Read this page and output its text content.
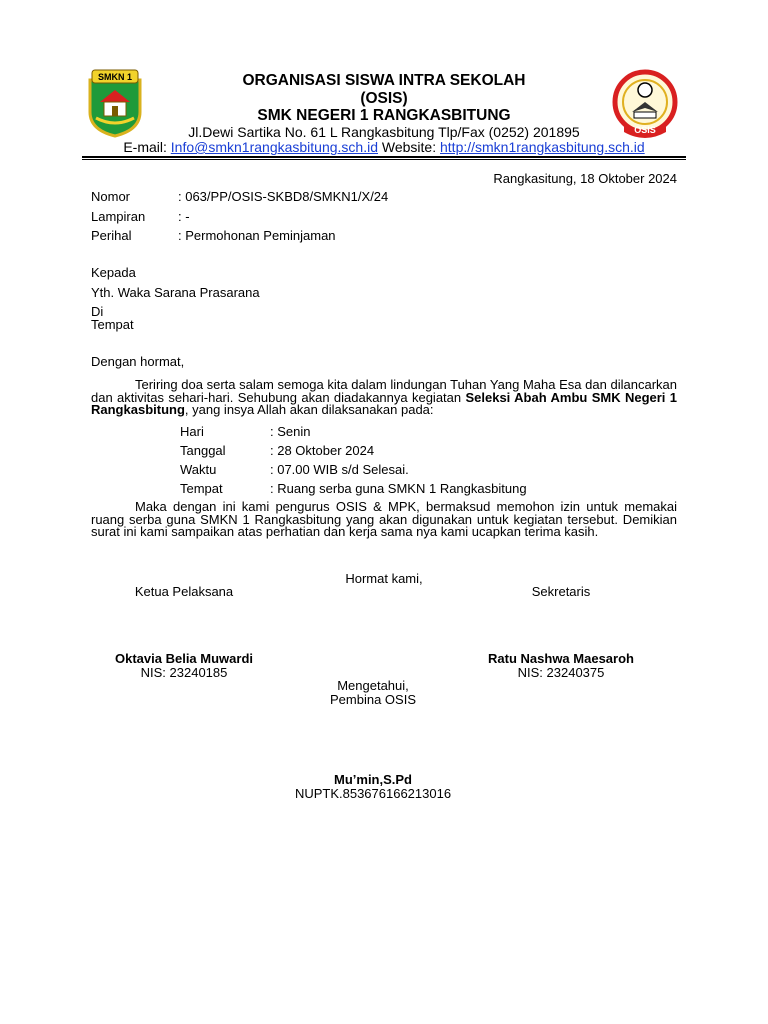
SMKN 1
OSIS
ORGANISASI SISWA INTRA SEKOLAH
(OSIS)
SMK NEGERI 1 RANGKASBITUNG
Jl.Dewi Sartika No. 61 L Rangkasbitung Tlp/Fax (0252) 201895
E-mail: Info@smkn1rangkasbitung.sch.id Website: http://smkn1rangkasbitung.sch.id
Rangkasitung, 18 Oktober 2024
Nomor	: 063/PP/OSIS-SKBD8/SMKN1/X/24
Lampiran	: -
Perihal	: Permohonan Peminjaman
Kepada
Yth. Waka Sarana Prasarana
Di
Tempat
Dengan hormat,
Teriring doa serta salam semoga kita dalam lindungan Tuhan Yang Maha Esa dan dilancarkan dan aktivitas sehari-hari. Sehubung akan diadakannya kegiatan Seleksi Abah Ambu SMK Negeri 1 Rangkasbitung, yang insya Allah akan dilaksanakan pada:
Hari	: Senin
Tanggal	: 28 Oktober 2024
Waktu	: 07.00 WIB s/d Selesai.
Tempat	: Ruang serba guna SMKN 1 Rangkasbitung
Maka dengan ini kami pengurus OSIS & MPK, bermaksud memohon izin untuk memakai ruang serba guna SMKN 1 Rangkasbitung yang akan digunakan untuk kegiatan tersebut. Demikian surat ini kami sampaikan atas perhatian dan kerja sama nya kami ucapkan terima kasih.
Hormat kami,
Ketua Pelaksana	Sekretaris
Oktavia Belia Muwardi
NIS: 23240185
Ratu Nashwa Maesaroh
NIS: 23240375
Mengetahui,
Pembina OSIS
Mu’min,S.Pd
NUPTK.853676166213016
